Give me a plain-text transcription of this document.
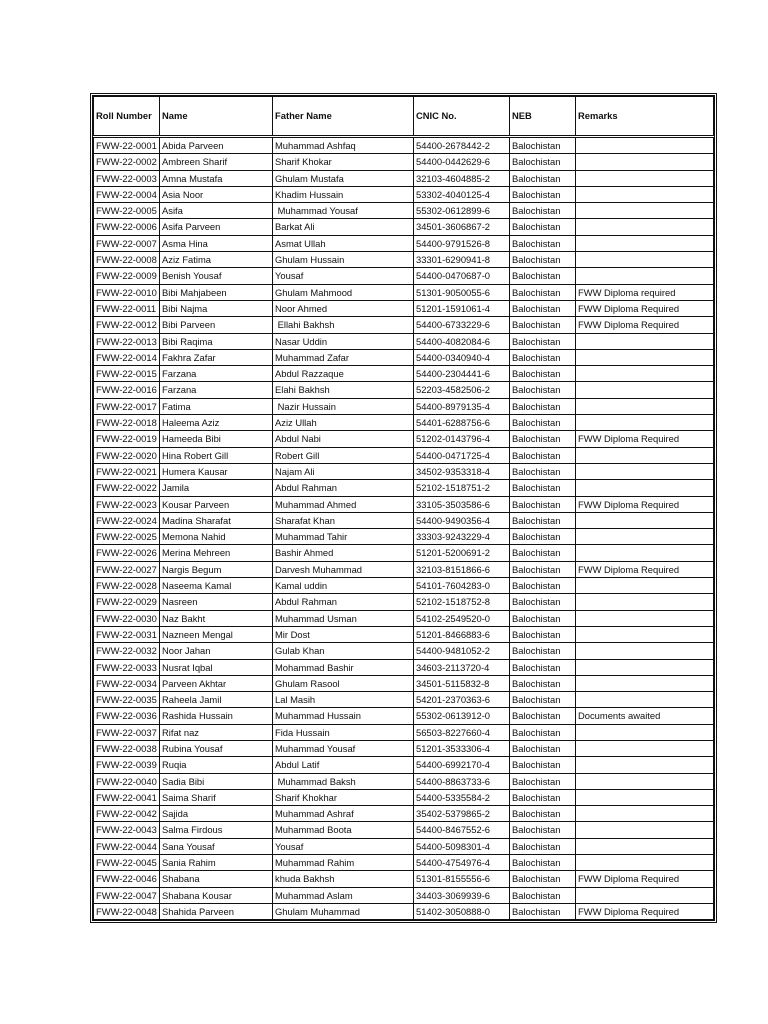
Roll Number	Name	Father Name	CNIC No.	NEB	Remarks
FWW-22-0001	Abida Parveen	Muhammad Ashfaq	54400-2678442-2	Balochistan	
FWW-22-0002	Ambreen Sharif	Sharif Khokar	54400-0442629-6	Balochistan	
FWW-22-0003	Amna Mustafa	Ghulam Mustafa	32103-4604885-2	Balochistan	
FWW-22-0004	Asia Noor	Khadim Hussain	53302-4040125-4	Balochistan	
FWW-22-0005	Asifa	Muhammad Yousaf	55302-0612899-6	Balochistan	
FWW-22-0006	Asifa Parveen	Barkat Ali	34501-3606867-2	Balochistan	
FWW-22-0007	Asma Hina	Asmat Ullah	54400-9791526-8	Balochistan	
FWW-22-0008	Aziz Fatima	Ghulam Hussain	33301-6290941-8	Balochistan	
FWW-22-0009	Benish Yousaf	Yousaf	54400-0470687-0	Balochistan	
FWW-22-0010	Bibi Mahjabeen	Ghulam Mahmood	51301-9050055-6	Balochistan	FWW Diploma required
FWW-22-0011	Bibi Najma	Noor Ahmed	51201-1591061-4	Balochistan	FWW Diploma Required
FWW-22-0012	Bibi Parveen	Ellahi Bakhsh	54400-6733229-6	Balochistan	FWW Diploma Required
FWW-22-0013	Bibi Raqima	Nasar Uddin	54400-4082084-6	Balochistan	
FWW-22-0014	Fakhra Zafar	Muhammad Zafar	54400-0340940-4	Balochistan	
FWW-22-0015	Farzana	Abdul Razzaque	54400-2304441-6	Balochistan	
FWW-22-0016	Farzana	Elahi Bakhsh	52203-4582506-2	Balochistan	
FWW-22-0017	Fatima	Nazir Hussain	54400-8979135-4	Balochistan	
FWW-22-0018	Haleema Aziz	Aziz Ullah	54401-6288756-6	Balochistan	
FWW-22-0019	Hameeda Bibi	Abdul Nabi	51202-0143796-4	Balochistan	FWW Diploma Required
FWW-22-0020	Hina Robert Gill	Robert Gill	54400-0471725-4	Balochistan	
FWW-22-0021	Humera Kausar	Najam Ali	34502-9353318-4	Balochistan	
FWW-22-0022	Jamila	Abdul Rahman	52102-1518751-2	Balochistan	
FWW-22-0023	Kousar Parveen	Muhammad Ahmed	33105-3503586-6	Balochistan	FWW Diploma Required
FWW-22-0024	Madina Sharafat	Sharafat Khan	54400-9490356-4	Balochistan	
FWW-22-0025	Memona Nahid	Muhammad Tahir	33303-9243229-4	Balochistan	
FWW-22-0026	Merina Mehreen	Bashir Ahmed	51201-5200691-2	Balochistan	
FWW-22-0027	Nargis Begum	Darvesh Muhammad	32103-8151866-6	Balochistan	FWW Diploma Required
FWW-22-0028	Naseema Kamal	Kamal uddin	54101-7604283-0	Balochistan	
FWW-22-0029	Nasreen	Abdul Rahman	52102-1518752-8	Balochistan	
FWW-22-0030	Naz Bakht	Muhammad Usman	54102-2549520-0	Balochistan	
FWW-22-0031	Nazneen Mengal	Mir Dost	51201-8466883-6	Balochistan	
FWW-22-0032	Noor Jahan	Gulab Khan	54400-9481052-2	Balochistan	
FWW-22-0033	Nusrat Iqbal	Mohammad Bashir	34603-2113720-4	Balochistan	
FWW-22-0034	Parveen Akhtar	Ghulam Rasool	34501-5115832-8	Balochistan	
FWW-22-0035	Raheela Jamil	Lal Masih	54201-2370363-6	Balochistan	
FWW-22-0036	Rashida Hussain	Muhammad Hussain	55302-0613912-0	Balochistan	Documents awaited
FWW-22-0037	Rifat naz	Fida Hussain	56503-8227660-4	Balochistan	
FWW-22-0038	Rubina Yousaf	Muhammad Yousaf	51201-3533306-4	Balochistan	
FWW-22-0039	Ruqia	Abdul Latif	54400-6992170-4	Balochistan	
FWW-22-0040	Sadia Bibi	Muhammad Baksh	54400-8863733-6	Balochistan	
FWW-22-0041	Saima Sharif	Sharif Khokhar	54400-5335584-2	Balochistan	
FWW-22-0042	Sajida	Muhammad Ashraf	35402-5379865-2	Balochistan	
FWW-22-0043	Salma Firdous	Muhammad Boota	54400-8467552-6	Balochistan	
FWW-22-0044	Sana Yousaf	Yousaf	54400-5098301-4	Balochistan	
FWW-22-0045	Sania Rahim	Muhammad Rahim	54400-4754976-4	Balochistan	
FWW-22-0046	Shabana	khuda Bakhsh	51301-8155556-6	Balochistan	FWW Diploma Required
FWW-22-0047	Shabana Kousar	Muhammad Aslam	34403-3069939-6	Balochistan	
FWW-22-0048	Shahida Parveen	Ghulam Muhammad	51402-3050888-0	Balochistan	FWW Diploma Required
